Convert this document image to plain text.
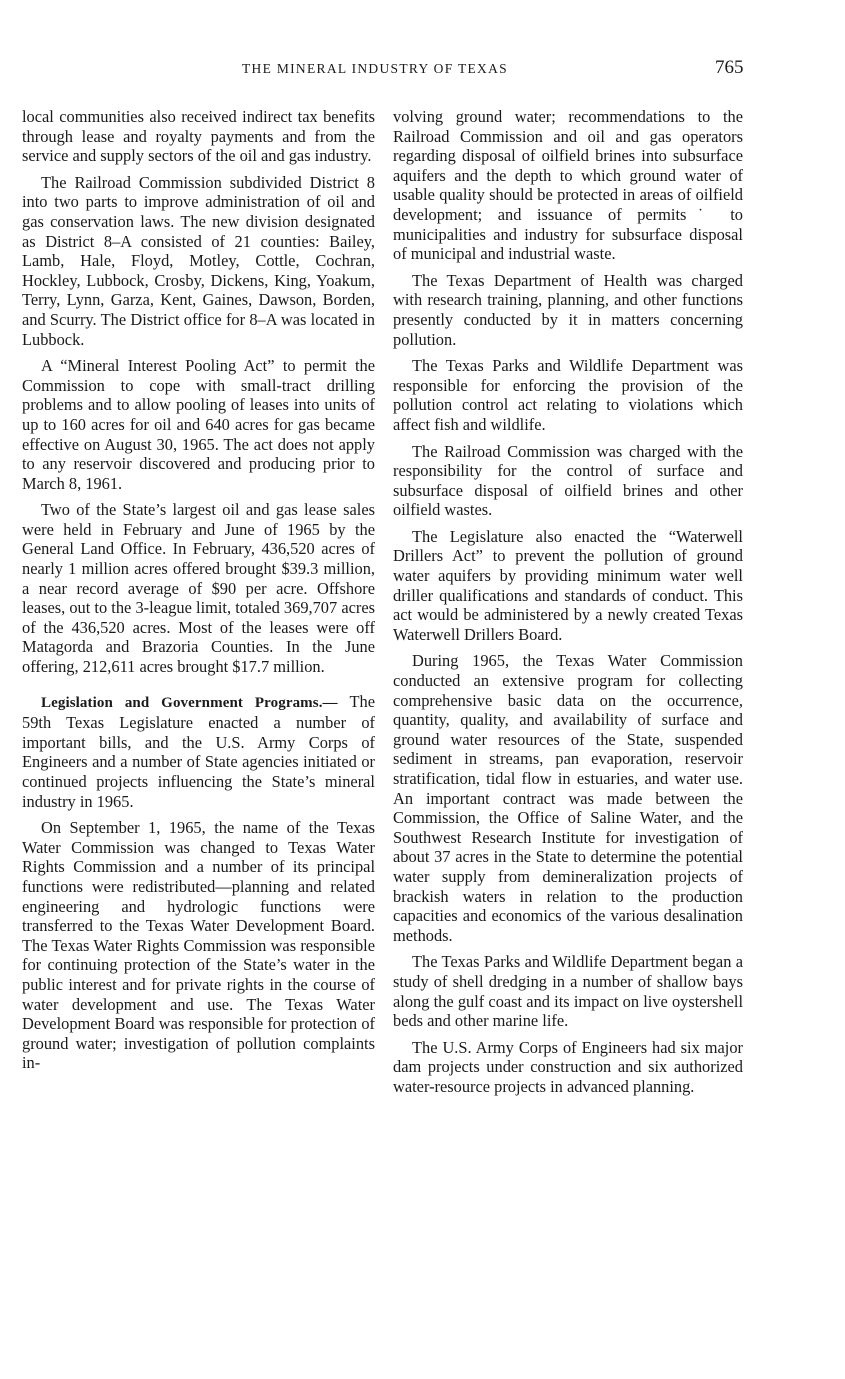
THE MINERAL INDUSTRY OF TEXAS	765

local communities also received indirect tax benefits through lease and royalty payments and from the service and supply sectors of the oil and gas industry.

The Railroad Commission subdivided District 8 into two parts to improve administration of oil and gas conservation laws. The new division designated as District 8–A consisted of 21 counties: Bailey, Lamb, Hale, Floyd, Motley, Cottle, Cochran, Hockley, Lubbock, Crosby, Dickens, King, Yoakum, Terry, Lynn, Garza, Kent, Gaines, Dawson, Borden, and Scurry. The District office for 8–A was located in Lubbock.

A “Mineral Interest Pooling Act” to permit the Commission to cope with small-tract drilling problems and to allow pooling of leases into units of up to 160 acres for oil and 640 acres for gas became effective on August 30, 1965. The act does not apply to any reservoir discovered and producing prior to March 8, 1961.

Two of the State’s largest oil and gas lease sales were held in February and June of 1965 by the General Land Office. In February, 436,520 acres of nearly 1 million acres offered brought $39.3 million, a near record average of $90 per acre. Offshore leases, out to the 3-league limit, totaled 369,707 acres of the 436,520 acres. Most of the leases were off Matagorda and Brazoria Counties. In the June offering, 212,611 acres brought $17.7 million.

Legislation and Government Programs.— The 59th Texas Legislature enacted a number of important bills, and the U.S. Army Corps of Engineers and a number of State agencies initiated or continued projects influencing the State’s mineral industry in 1965.

On September 1, 1965, the name of the Texas Water Commission was changed to Texas Water Rights Commission and a number of its principal functions were redistributed—planning and related engineering and hydrologic functions were transferred to the Texas Water Development Board. The Texas Water Rights Commission was responsible for continuing protection of the State’s water in the public interest and for private rights in the course of water development and use. The Texas Water Development Board was responsible for protection of ground water; investigation of pollution complaints in-

volving ground water; recommendations to the Railroad Commission and oil and gas operators regarding disposal of oilfield brines into subsurface aquifers and the depth to which ground water of usable quality should be protected in areas of oilfield development; and issuance of permits˙ to municipalities and industry for subsurface disposal of municipal and industrial waste.

The Texas Department of Health was charged with research training, planning, and other functions presently conducted by it in matters concerning pollution.

The Texas Parks and Wildlife Department was responsible for enforcing the provision of the pollution control act relating to violations which affect fish and wildlife.

The Railroad Commission was charged with the responsibility for the control of surface and subsurface disposal of oilfield brines and other oilfield wastes.

The Legislature also enacted the “Waterwell Drillers Act” to prevent the pollution of ground water aquifers by providing minimum water well driller qualifications and standards of conduct. This act would be administered by a newly created Texas Waterwell Drillers Board.

During 1965, the Texas Water Commission conducted an extensive program for collecting comprehensive basic data on the occurrence, quantity, quality, and availability of surface and ground water resources of the State, suspended sediment in streams, pan evaporation, reservoir stratification, tidal flow in estuaries, and water use. An important contract was made between the Commission, the Office of Saline Water, and the Southwest Research Institute for investigation of about 37 acres in the State to determine the potential water supply from demineralization projects of brackish waters in relation to the production capacities and economics of the various desalination methods.

The Texas Parks and Wildlife Department began a study of shell dredging in a number of shallow bays along the gulf coast and its impact on live oystershell beds and other marine life.

The U.S. Army Corps of Engineers had six major dam projects under construction and six authorized water-resource projects in advanced planning.
